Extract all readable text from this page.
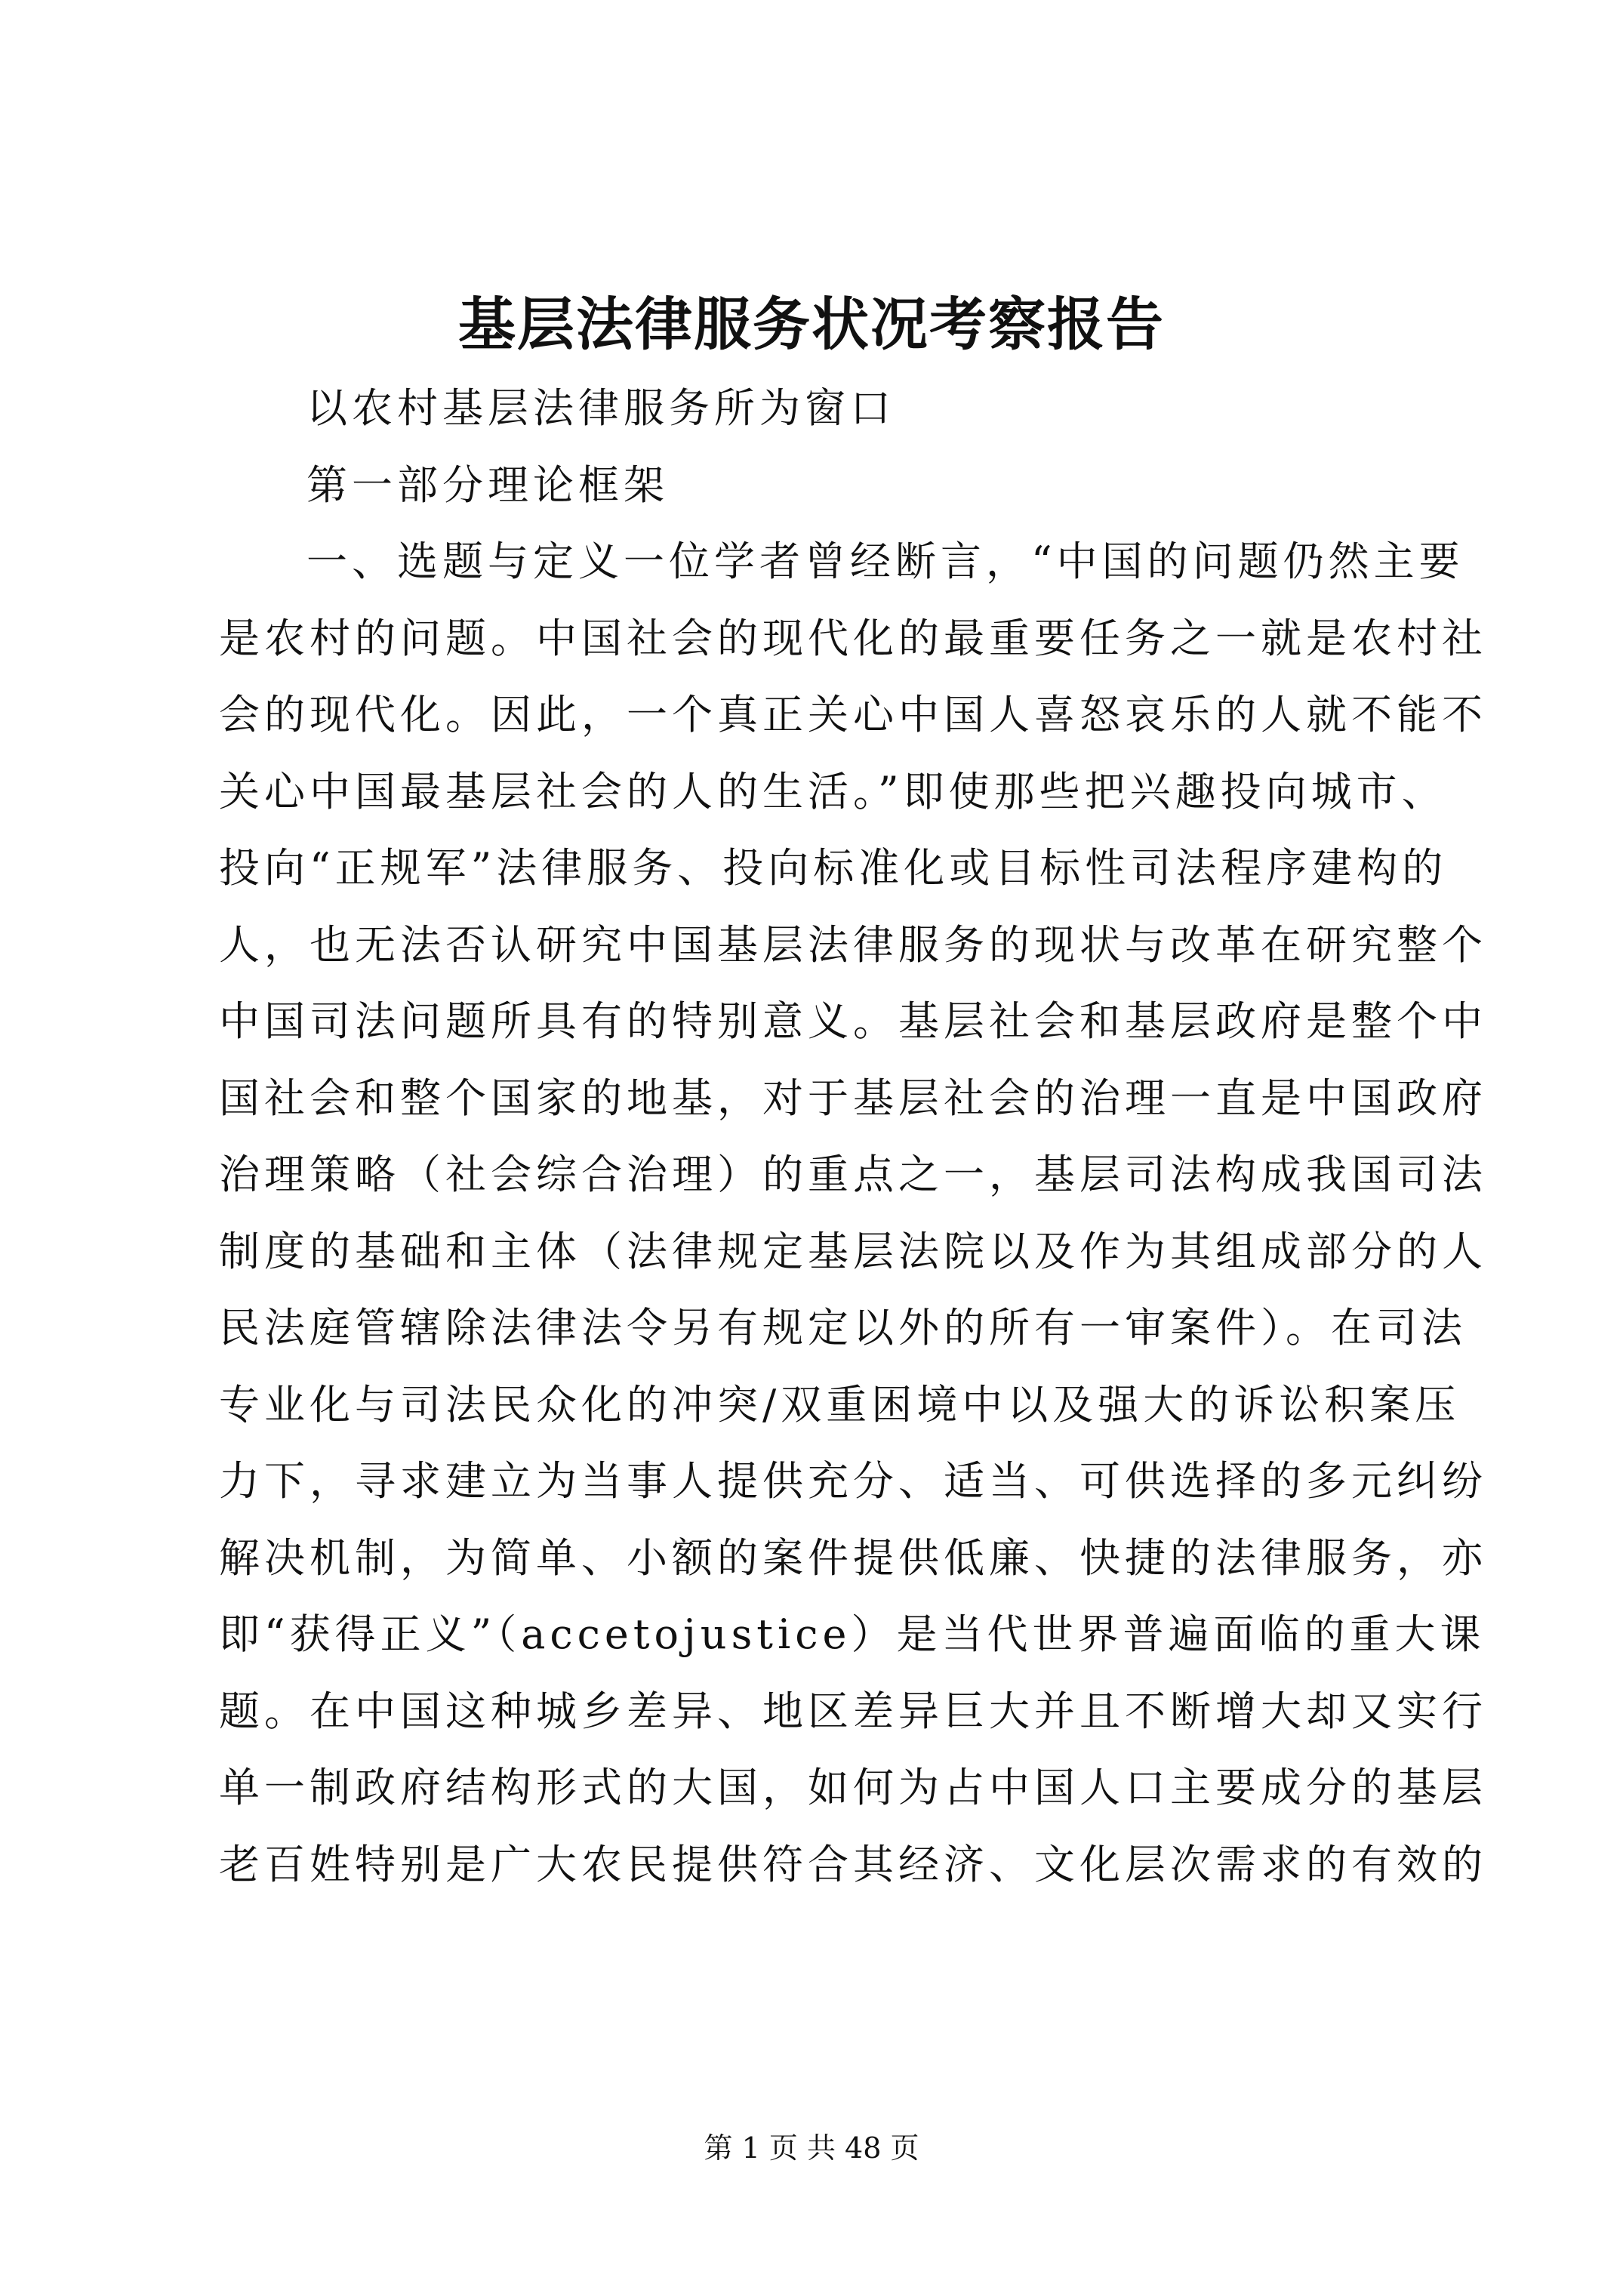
基层法律服务状况考察报告
以农村基层法律服务所为窗口
第一部分理论框架
一、选题与定义一位学者曾经断言，“中国的问题仍然主要
是农村的问题。中国社会的现代化的最重要任务之一就是农村社
会的现代化。因此，一个真正关心中国人喜怒哀乐的人就不能不
关心中国最基层社会的人的生活。”即使那些把兴趣投向城市、
投向“正规军”法律服务、投向标准化或目标性司法程序建构的
人，也无法否认研究中国基层法律服务的现状与改革在研究整个
中国司法问题所具有的特别意义。基层社会和基层政府是整个中
国社会和整个国家的地基，对于基层社会的治理一直是中国政府
治理策略（社会综合治理）的重点之一，基层司法构成我国司法
制度的基础和主体（法律规定基层法院以及作为其组成部分的人
民法庭管辖除法律法令另有规定以外的所有一审案件）。在司法
专业化与司法民众化的冲突/双重困境中以及强大的诉讼积案压
力下，寻求建立为当事人提供充分、适当、可供选择的多元纠纷
解决机制，为简单、小额的案件提供低廉、快捷的法律服务，亦
即“获得正义”（accetojustice）是当代世界普遍面临的重大课
题。在中国这种城乡差异、地区差异巨大并且不断增大却又实行
单一制政府结构形式的大国，如何为占中国人口主要成分的基层
老百姓特别是广大农民提供符合其经济、文化层次需求的有效的
第 1 页 共 48 页
